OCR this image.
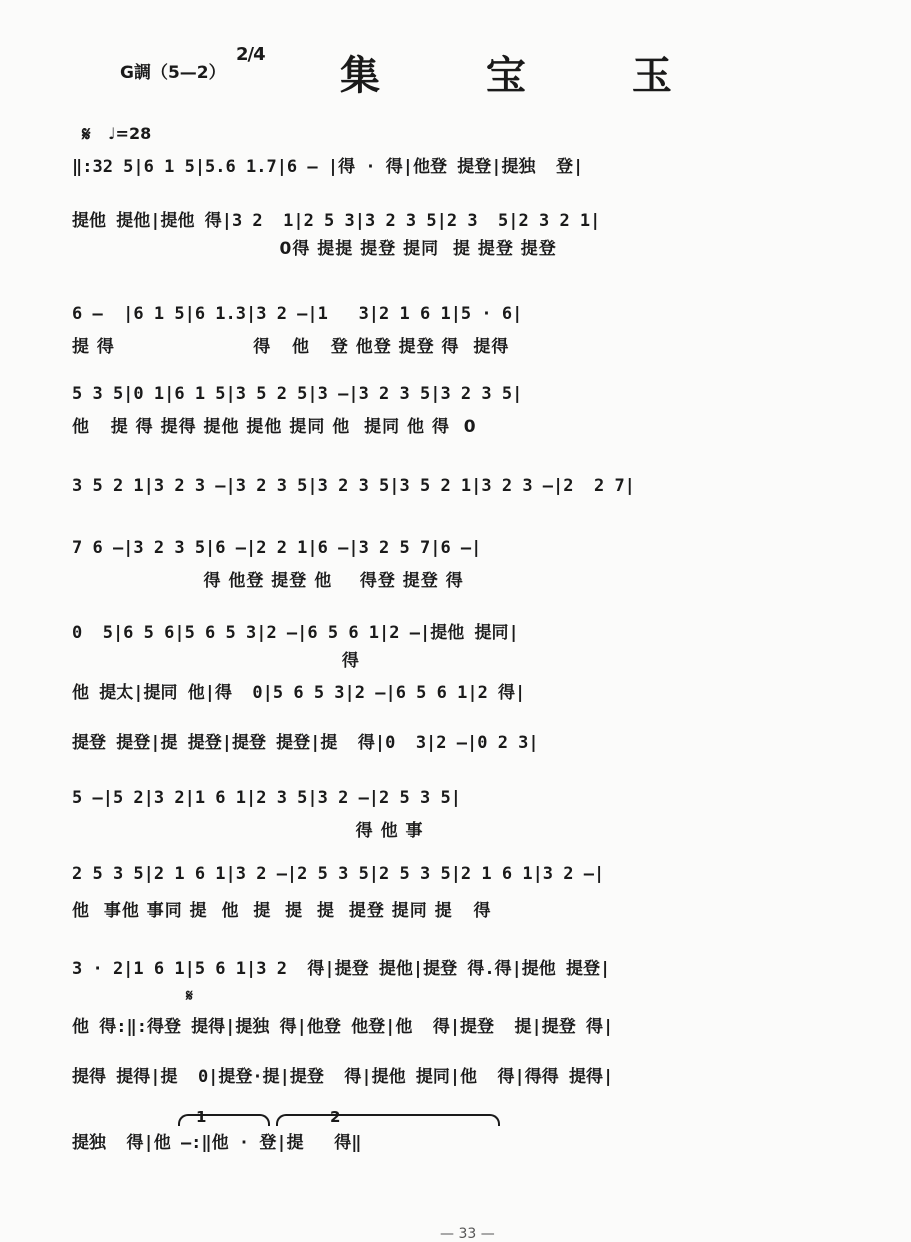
G調（5—2）
2/4 集 宝 玉
𝄋 ♩=28
‖:32 5|6 1 5|5.6 1.7|6 — |得 · 得|他登 提登|提独  登|
提他 提他|提他 得|3 2  1|2 5 3|3 2 3 5|2 3  5|2 3 2 1|
0得 提提 提登 提同  提 提登 提登
6 —  |6 1 5|6 1.3|3 2 —|1   3|2 1 6 1|5 · 6|
提 得                    得   他   登 他登 提登 得  提得
5 3 5|0 1|6 1 5|3 5 2 5|3 —|3 2 3 5|3 2 3 5|
他   提 得 提得 提他 提他 提同 他  提同 他 得  0
3 5 2 1|3 2 3 —|3 2 3 5|3 2 3 5|3 5 2 1|3 2 3 —|2  2 7|
7 6 —|3 2 3 5|6 —|2 2 1|6 —|3 2 5 7|6 —|
得 他登 提登 他    得登 提登 得
0  5|6 5 6|5 6 5 3|2 —|6 5 6 1|2 —|提他 提同|
得
他 提太|提同 他|得  0|5 6 5 3|2 —|6 5 6 1|2 得|
提登 提登|提 提登|提登 提登|提  得|0  3|2 —|0 2 3|
5 —|5 2|3 2|1 6 1|2 3 5|3 2 —|2 5 3 5|
得 他 事
2 5 3 5|2 1 6 1|3 2 —|2 5 3 5|2 5 3 5|2 1 6 1|3 2 —|
他  事他 事同 提  他  提  提  提  提登 提同 提   得
3 · 2|1 6 1|5 6 1|3 2  得|提登 提他|提登 得.得|提他 提登|
𝄋
他 得:‖:得登 提得|提独 得|他登 他登|他  得|提登  提|提登 得|
提得 提得|提  0|提登·提|提登  得|提他 提同|他  得|得得 提得|
1	2
提独  得|他 —:‖他 · 登|提   得‖
— 33 —
